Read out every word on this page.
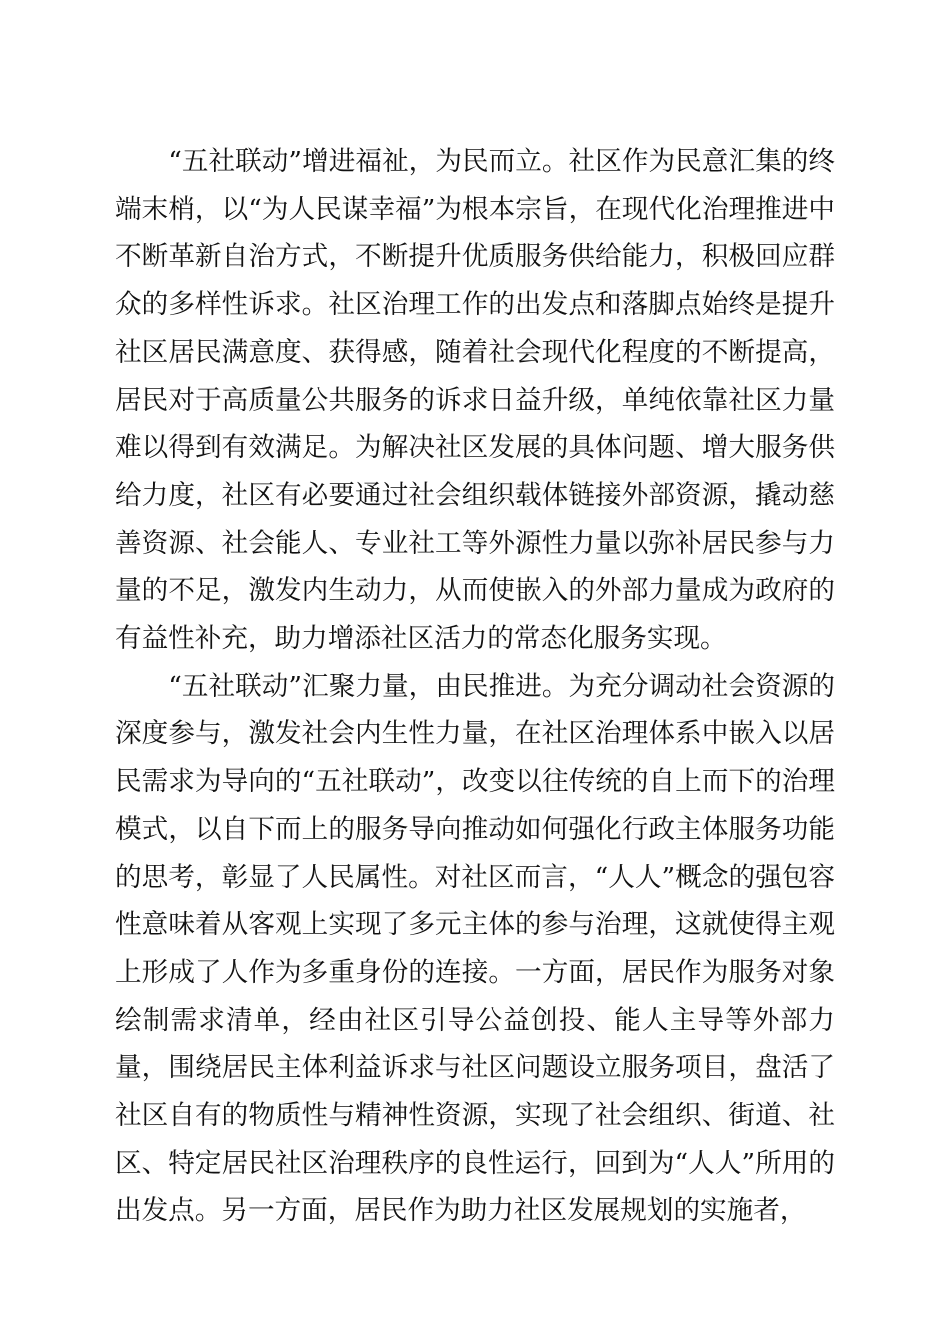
“五社联动”增进福祉，为民而立。社区作为民意汇集的终端末梢，以“为人民谋幸福”为根本宗旨，在现代化治理推进中不断革新自治方式，不断提升优质服务供给能力，积极回应群众的多样性诉求。社区治理工作的出发点和落脚点始终是提升社区居民满意度、获得感，随着社会现代化程度的不断提高，居民对于高质量公共服务的诉求日益升级，单纯依靠社区力量难以得到有效满足。为解决社区发展的具体问题、增大服务供给力度，社区有必要通过社会组织载体链接外部资源，撬动慈善资源、社会能人、专业社工等外源性力量以弥补居民参与力量的不足，激发内生动力，从而使嵌入的外部力量成为政府的有益性补充，助力增添社区活力的常态化服务实现。

“五社联动”汇聚力量，由民推进。为充分调动社会资源的深度参与，激发社会内生性力量，在社区治理体系中嵌入以居民需求为导向的“五社联动”，改变以往传统的自上而下的治理模式，以自下而上的服务导向推动如何强化行政主体服务功能的思考，彰显了人民属性。对社区而言，“人人”概念的强包容性意味着从客观上实现了多元主体的参与治理，这就使得主观上形成了人作为多重身份的连接。一方面，居民作为服务对象绘制需求清单，经由社区引导公益创投、能人主导等外部力量，围绕居民主体利益诉求与社区问题设立服务项目，盘活了社区自有的物质性与精神性资源，实现了社会组织、街道、社区、特定居民社区治理秩序的良性运行，回到为“人人”所用的出发点。另一方面，居民作为助力社区发展规划的实施者，
